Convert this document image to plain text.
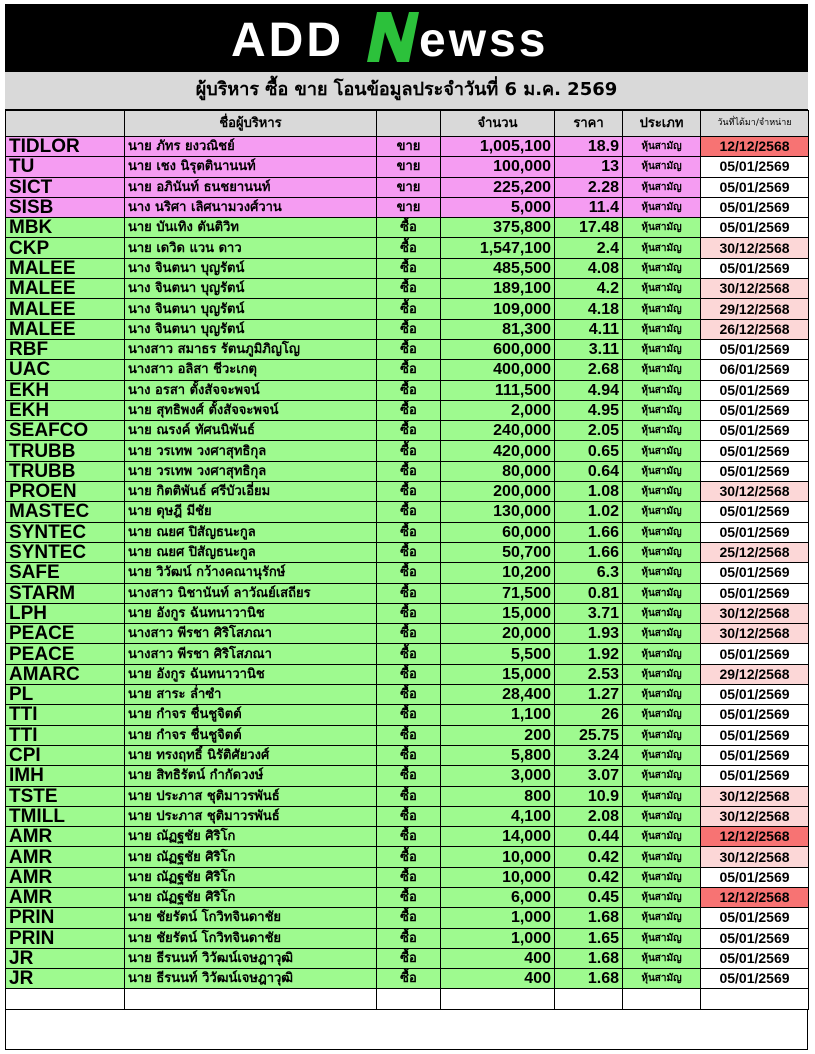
ADD ewss
ผู้บริหาร ซื้อ ขาย โอนข้อมูลประจำวันที่ 6 ม.ค. 2569
	ชื่อผู้บริหาร		จำนวน	ราคา	ประเภท	วันที่ได้มา/จำหน่าย
TIDLOR	นาย ภัทร ยงวณิชย์	ขาย	1,005,100	18.9	หุ้นสามัญ	12/12/2568
TU	นาย เชง นิรุตตินานนท์	ขาย	100,000	13	หุ้นสามัญ	05/01/2569
SICT	นาย อภินันท์ ธนชยานนท์	ขาย	225,200	2.28	หุ้นสามัญ	05/01/2569
SISB	นาง นริศา เลิศนามวงศ์วาน	ขาย	5,000	11.4	หุ้นสามัญ	05/01/2569
MBK	นาย บันเทิง ตันติวิท	ซื้อ	375,800	17.48	หุ้นสามัญ	05/01/2569
CKP	นาย เดวิด แวน ดาว	ซื้อ	1,547,100	2.4	หุ้นสามัญ	30/12/2568
MALEE	นาง จินตนา บุญรัตน์	ซื้อ	485,500	4.08	หุ้นสามัญ	05/01/2569
MALEE	นาง จินตนา บุญรัตน์	ซื้อ	189,100	4.2	หุ้นสามัญ	30/12/2568
MALEE	นาง จินตนา บุญรัตน์	ซื้อ	109,000	4.18	หุ้นสามัญ	29/12/2568
MALEE	นาง จินตนา บุญรัตน์	ซื้อ	81,300	4.11	หุ้นสามัญ	26/12/2568
RBF	นางสาว สมาธร รัตนภูมิภิญโญ	ซื้อ	600,000	3.11	หุ้นสามัญ	05/01/2569
UAC	นางสาว อลิสา ชีวะเกตุ	ซื้อ	400,000	2.68	หุ้นสามัญ	06/01/2569
EKH	นาง อรสา ตั้งสัจจะพจน์	ซื้อ	111,500	4.94	หุ้นสามัญ	05/01/2569
EKH	นาย สุทธิพงศ์ ตั้งสัจจะพจน์	ซื้อ	2,000	4.95	หุ้นสามัญ	05/01/2569
SEAFCO	นาย ณรงค์ ทัศนนิพันธ์	ซื้อ	240,000	2.05	หุ้นสามัญ	05/01/2569
TRUBB	นาย วรเทพ วงศาสุทธิกุล	ซื้อ	420,000	0.65	หุ้นสามัญ	05/01/2569
TRUBB	นาย วรเทพ วงศาสุทธิกุล	ซื้อ	80,000	0.64	หุ้นสามัญ	05/01/2569
PROEN	นาย กิตติพันธ์ ศรีบัวเอี่ยม	ซื้อ	200,000	1.08	หุ้นสามัญ	30/12/2568
MASTEC	นาย ดุษฎี มีชัย	ซื้อ	130,000	1.02	หุ้นสามัญ	05/01/2569
SYNTEC	นาย ณยศ ปิสัญธนะกูล	ซื้อ	60,000	1.66	หุ้นสามัญ	05/01/2569
SYNTEC	นาย ณยศ ปิสัญธนะกูล	ซื้อ	50,700	1.66	หุ้นสามัญ	25/12/2568
SAFE	นาย วิวัฒน์ กว้างคณานุรักษ์	ซื้อ	10,200	6.3	หุ้นสามัญ	05/01/2569
STARM	นางสาว นิชานันท์ ลาวัณย์เสถียร	ซื้อ	71,500	0.81	หุ้นสามัญ	05/01/2569
LPH	นาย อังกูร ฉันทนาวานิช	ซื้อ	15,000	3.71	หุ้นสามัญ	30/12/2568
PEACE	นางสาว พีรชา ศิริโสภณา	ซื้อ	20,000	1.93	หุ้นสามัญ	30/12/2568
PEACE	นางสาว พีรชา ศิริโสภณา	ซื้อ	5,500	1.92	หุ้นสามัญ	05/01/2569
AMARC	นาย อังกูร ฉันทนาวานิช	ซื้อ	15,000	2.53	หุ้นสามัญ	29/12/2568
PL	นาย สาระ ล่ำซำ	ซื้อ	28,400	1.27	หุ้นสามัญ	05/01/2569
TTI	นาย กำจร ชื่นชูจิตต์	ซื้อ	1,100	26	หุ้นสามัญ	05/01/2569
TTI	นาย กำจร ชื่นชูจิตต์	ซื้อ	200	25.75	หุ้นสามัญ	05/01/2569
CPI	นาย ทรงฤทธิ์ นิรัติศัยวงศ์	ซื้อ	5,800	3.24	หุ้นสามัญ	05/01/2569
IMH	นาย สิทธิรัตน์ กำกัดวงษ์	ซื้อ	3,000	3.07	หุ้นสามัญ	05/01/2569
TSTE	นาย ประภาส ชุติมาวรพันธ์	ซื้อ	800	10.9	หุ้นสามัญ	30/12/2568
TMILL	นาย ประภาส ชุติมาวรพันธ์	ซื้อ	4,100	2.08	หุ้นสามัญ	30/12/2568
AMR	นาย ณัฏฐชัย ศิริโก	ซื้อ	14,000	0.44	หุ้นสามัญ	12/12/2568
AMR	นาย ณัฏฐชัย ศิริโก	ซื้อ	10,000	0.42	หุ้นสามัญ	30/12/2568
AMR	นาย ณัฏฐชัย ศิริโก	ซื้อ	10,000	0.42	หุ้นสามัญ	05/01/2569
AMR	นาย ณัฏฐชัย ศิริโก	ซื้อ	6,000	0.45	หุ้นสามัญ	12/12/2568
PRIN	นาย ชัยรัตน์ โกวิทจินดาชัย	ซื้อ	1,000	1.68	หุ้นสามัญ	05/01/2569
PRIN	นาย ชัยรัตน์ โกวิทจินดาชัย	ซื้อ	1,000	1.65	หุ้นสามัญ	05/01/2569
JR	นาย ธีรนนท์ วิวัฒน์เจษฎาวุฒิ	ซื้อ	400	1.68	หุ้นสามัญ	05/01/2569
JR	นาย ธีรนนท์ วิวัฒน์เจษฎาวุฒิ	ซื้อ	400	1.68	หุ้นสามัญ	05/01/2569
